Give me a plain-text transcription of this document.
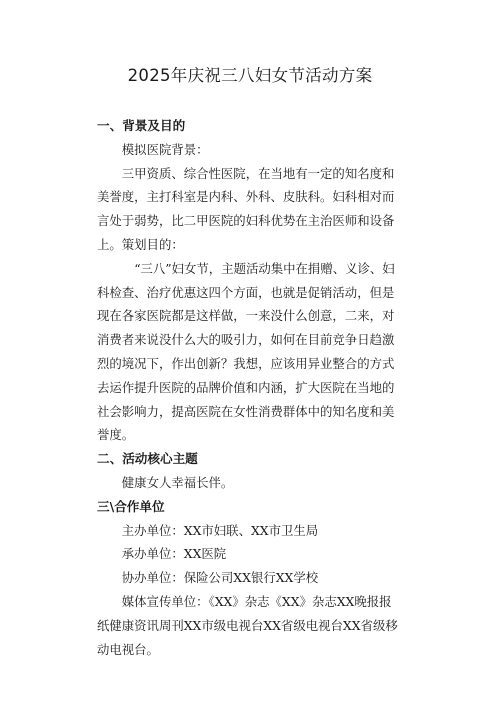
2025年庆祝三八妇女节活动方案

一、背景及目的

模拟医院背景：

三甲资质、综合性医院，在当地有一定的知名度和美誉度，主打科室是内科、外科、皮肤科。妇科相对而言处于弱势，比二甲医院的妇科优势在主治医师和设备上。策划目的：

“三八”妇女节，主题活动集中在捐赠、义诊、妇科检查、治疗优惠这四个方面，也就是促销活动，但是现在各家医院都是这样做，一来没什么创意，二来，对消费者来说没什么大的吸引力，如何在目前竞争日趋激烈的境况下，作出创新？我想，应该用异业整合的方式去运作提升医院的品牌价值和内涵，扩大医院在当地的社会影响力，提高医院在女性消费群体中的知名度和美誉度。

二、活动核心主题

健康女人幸福长伴。

三\合作单位

主办单位：XX市妇联、XX市卫生局

承办单位：XX医院

协办单位：保险公司XX银行XX学校

媒体宣传单位：《XX》杂志《XX》杂志XX晚报报纸健康资讯周刊XX市级电视台XX省级电视台XX省级移动电视台。
